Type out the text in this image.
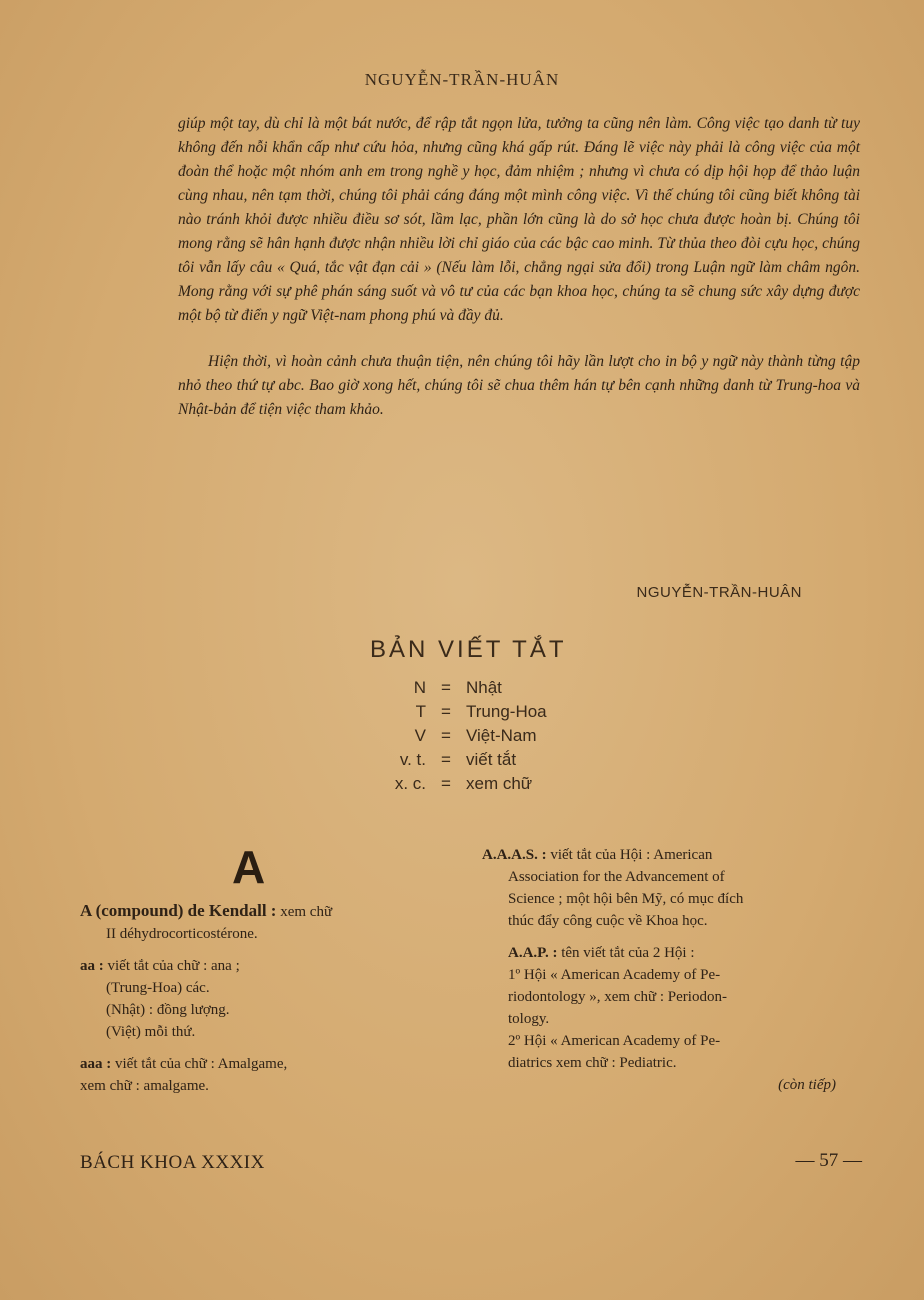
NGUYỄN-TRẦN-HUÂN

giúp một tay, dù chỉ là một bát nước, để rập tắt ngọn lửa, tưởng ta cũng nên làm. Công việc tạo danh từ tuy không đến nỗi khẩn cấp như cứu hỏa, nhưng cũng khá gấp rút. Đáng lẽ việc này phải là công việc của một đoàn thể hoặc một nhóm anh em trong nghề y học, đảm nhiệm ; nhưng vì chưa có dịp hội họp để thảo luận cùng nhau, nên tạm thời, chúng tôi phải cáng đáng một mình công việc. Vì thế chúng tôi cũng biết không tài nào tránh khỏi được nhiều điều sơ sót, lầm lạc, phần lớn cũng là do sở học chưa được hoàn bị. Chúng tôi mong rằng sẽ hân hạnh được nhận nhiều lời chỉ giáo của các bậc cao minh. Từ thủa theo đòi cựu học, chúng tôi vẫn lấy câu « Quá, tắc vật đạn cải » (Nếu làm lỗi, chẳng ngại sửa đổi) trong Luận ngữ làm châm ngôn. Mong rằng với sự phê phán sáng suốt và vô tư của các bạn khoa học, chúng ta sẽ chung sức xây dựng được một bộ từ điển y ngữ Việt-nam phong phú và đầy đủ.

Hiện thời, vì hoàn cảnh chưa thuận tiện, nên chúng tôi hãy lần lượt cho in bộ y ngữ này thành từng tập nhỏ theo thứ tự abc. Bao giờ xong hết, chúng tôi sẽ chua thêm hán tự bên cạnh những danh từ Trung-hoa và Nhật-bản để tiện việc tham khảo.

NGUYỄN-TRẦN-HUÂN
BẢN VIẾT TẮT
N = Nhật
T = Trung-Hoa
V = Việt-Nam
v. t. = viết tắt
x. c. = xem chữ
A
A (compound) de Kendall : xem chữ
II déhydrocorticostérone.
aa : viết tắt của chữ : ana ;
(Trung-Hoa) các.
(Nhật) : đồng lượng.
(Việt) mỗi thứ.
aaa : viết tắt của chữ : Amalgame,
xem chữ : amalgame.
A.A.A.S. : viết tắt của Hội : American
Association for the Advancement of
Science ; một hội bên Mỹ, có mục đích
thúc đẩy công cuộc về Khoa học.
A.A.P. : tên viết tắt của 2 Hội :
1º Hội « American Academy of Pe-
riodontology », xem chữ : Periodon-
tology.
2º Hội « American Academy of Pe-
diatrics xem chữ : Pediatric.
(còn tiếp)
BÁCH KHOA XXXIX	— 57 —
